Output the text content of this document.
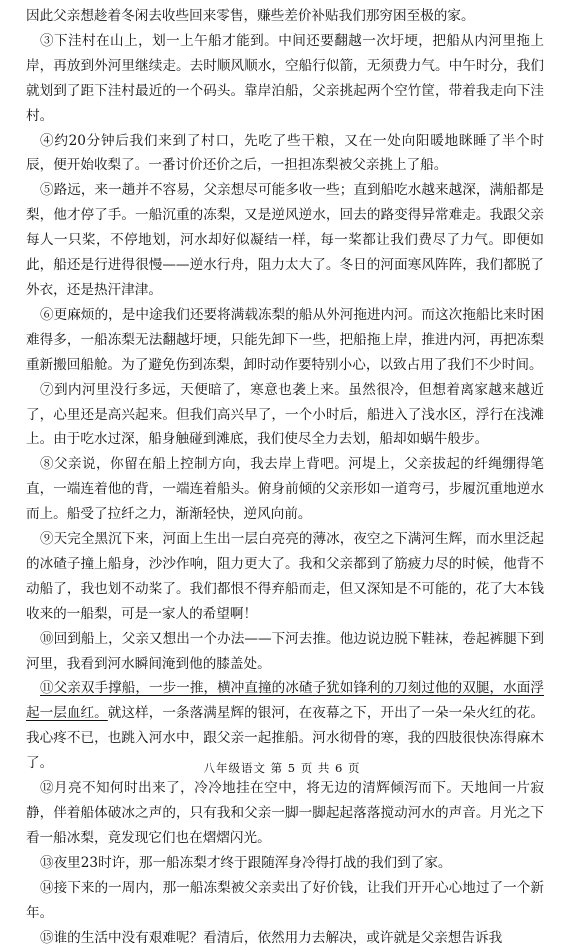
因此父亲想趁着冬闲去收些回来零售，赚些差价补贴我们那穷困至极的家。

③下洼村在山上，划一上午船才能到。中间还要翻越一次圩埂，把船从内河里拖上岸，再放到外河里继续走。去时顺风顺水，空船行似箭，无须费力气。中午时分，我们就划到了距下洼村最近的一个码头。靠岸泊船，父亲挑起两个空竹筐，带着我走向下洼村。

④约20分钟后我们来到了村口，先吃了些干粮，又在一处向阳暖地眯睡了半个时辰，便开始收梨了。一番讨价还价之后，一担担冻梨被父亲挑上了船。

⑤路远，来一趟并不容易，父亲想尽可能多收一些；直到船吃水越来越深，满船都是梨，他才停了手。一船沉重的冻梨，又是逆风逆水，回去的路变得异常难走。我跟父亲每人一只桨，不停地划，河水却好似凝结一样，每一桨都让我们费尽了力气。即便如此，船还是行进得很慢——逆水行舟，阻力太大了。冬日的河面寒风阵阵，我们都脱了外衣，还是热汗津津。

⑥更麻烦的，是中途我们还要将满载冻梨的船从外河拖进内河。而这次拖船比来时困难得多，一船冻梨无法翻越圩埂，只能先卸下一些，把船拖上岸，推进内河，再把冻梨重新搬回船舱。为了避免伤到冻梨，卸时动作要特别小心，以致占用了我们不少时间。

⑦到内河里没行多远，天便暗了，寒意也袭上来。虽然很冷，但想着离家越来越近了，心里还是高兴起来。但我们高兴早了，一个小时后，船进入了浅水区，浮行在浅滩上。由于吃水过深，船身触碰到滩底，我们使尽全力去划，船却如蜗牛般步。

⑧父亲说，你留在船上控制方向，我去岸上背吧。河堤上，父亲拔起的纤绳绷得笔直，一端连着他的背，一端连着船头。俯身前倾的父亲形如一道弯弓，步履沉重地逆水而上。船受了拉纤之力，渐渐轻快，逆风向前。

⑨天完全黑沉下来，河面上生出一层白亮亮的薄冰，夜空之下满河生辉，而水里泛起的冰碴子撞上船身，沙沙作响，阻力更大了。我和父亲都到了筋疲力尽的时候，他背不动船了，我也划不动桨了。我们都恨不得弃船而走，但又深知是不可能的，花了大本钱收来的一船梨，可是一家人的希望啊！

⑩回到船上，父亲又想出一个办法——下河去推。他边说边脱下鞋袜，卷起裤腿下到河里，我看到河水瞬间淹到他的膝盖处。

⑪父亲双手撑船，一步一推，横冲直撞的冰碴子犹如锋利的刀刻过他的双腿，水面浮起一层血红。就这样，一条落满星辉的银河，在夜幕之下，开出了一朵一朵火红的花。我心疼不已，也跳入河水中，跟父亲一起推船。河水彻骨的寒，我的四肢很快冻得麻木了。

⑫月亮不知何时出来了，冷冷地挂在空中，将无边的清辉倾泻而下。天地间一片寂静，伴着船体破冰之声的，只有我和父亲一脚一脚起起落落搅动河水的声音。月光之下看一船冰梨，竟发现它们也在熠熠闪光。

⑬夜里23时许，那一船冻梨才终于跟随浑身冷得打战的我们到了家。

⑭接下来的一周内，那一船冻梨被父亲卖出了好价钱，让我们开开心心地过了一个新年。

⑮谁的生活中没有艰难呢？看清后，依然用力去解决，或许就是父亲想告诉我

八年级语文 第 5 页 共 6 页
